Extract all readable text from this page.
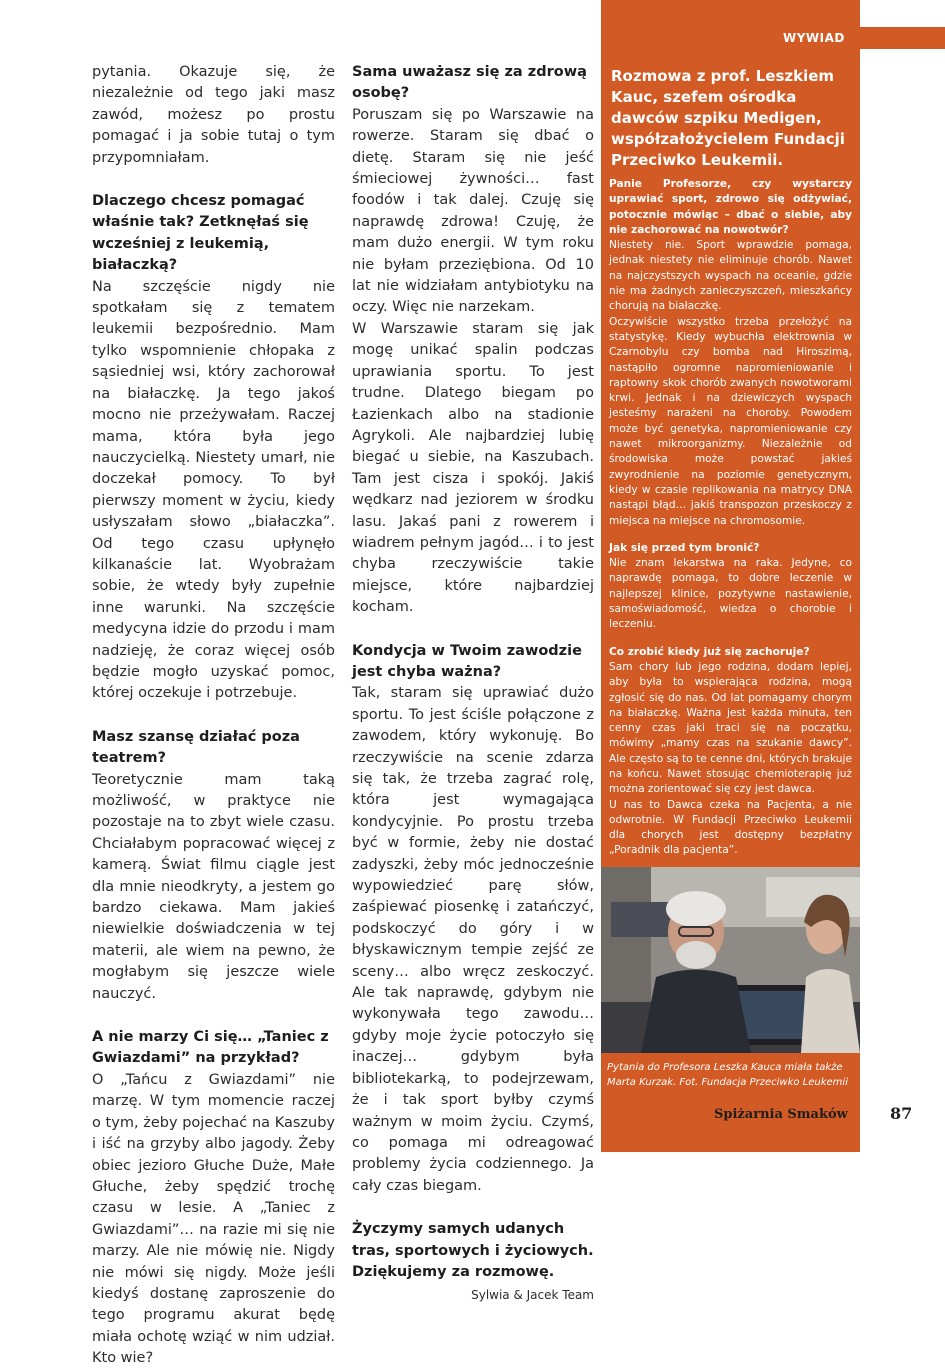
WYWIAD

pytania. Okazuje się, że niezależnie od tego jaki masz zawód, możesz po prostu pomagać i ja sobie tutaj o tym przypomniałam.

Dlaczego chcesz pomagać właśnie tak? Zetknęłaś się wcześniej z leukemią, białaczką?

Na szczęście nigdy nie spotkałam się z tematem leukemii bezpośrednio. Mam tylko wspomnienie chłopaka z sąsiedniej wsi, który zachorował na białaczkę. Ja tego jakoś mocno nie przeżywałam. Raczej mama, która była jego nauczycielką. Niestety umarł, nie doczekał pomocy. To był pierwszy moment w życiu, kiedy usłyszałam słowo „białaczka”. Od tego czasu upłynęło kilkanaście lat. Wyobrażam sobie, że wtedy były zupełnie inne warunki. Na szczęście medycyna idzie do przodu i mam nadzieję, że coraz więcej osób będzie mogło uzyskać pomoc, której oczekuje i potrzebuje.

Masz szansę działać poza teatrem?

Teoretycznie mam taką możliwość, w praktyce nie pozostaje na to zbyt wiele czasu. Chciałabym popracować więcej z kamerą. Świat filmu ciągle jest dla mnie nieodkryty, a jestem go bardzo ciekawa. Mam jakieś niewielkie doświadczenia w tej materii, ale wiem na pewno, że mogłabym się jeszcze wiele nauczyć.

A nie marzy Ci się… „Taniec z Gwiazdami” na przykład?

O „Tańcu z Gwiazdami” nie marzę. W tym momencie raczej o tym, żeby pojechać na Kaszuby i iść na grzyby albo jagody. Żeby obiec jezioro Głuche Duże, Małe Głuche, żeby spędzić trochę czasu w lesie. A „Taniec z Gwiazdami”… na razie mi się nie marzy. Ale nie mówię nie. Nigdy nie mówi się nigdy. Może jeśli kiedyś dostanę zaproszenie do tego programu akurat będę miała ochotę wziąć w nim udział. Kto wie?

Sama uważasz się za zdrową osobę?

Poruszam się po Warszawie na rowerze. Staram się dbać o dietę. Staram się nie jeść śmieciowej żywności… fast foodów i tak dalej. Czuję się naprawdę zdrowa! Czuję, że mam dużo energii. W tym roku nie byłam przeziębiona. Od 10 lat nie widziałam antybiotyku na oczy. Więc nie narzekam.

W Warszawie staram się jak mogę unikać spalin podczas uprawiania sportu. To jest trudne. Dlatego biegam po Łazienkach albo na stadionie Agrykoli. Ale najbardziej lubię biegać u siebie, na Kaszubach. Tam jest cisza i spokój. Jakiś wędkarz nad jeziorem w środku lasu. Jakaś pani z rowerem i wiadrem pełnym jagód… i to jest chyba rzeczywiście takie miejsce, które najbardziej kocham.

Kondycja w Twoim zawodzie jest chyba ważna?

Tak, staram się uprawiać dużo sportu. To jest ściśle połączone z zawodem, który wykonuję. Bo rzeczywiście na scenie zdarza się tak, że trzeba zagrać rolę, która jest wymagająca kondycyjnie. Po prostu trzeba być w formie, żeby nie dostać zadyszki, żeby móc jednocześnie wypowiedzieć parę słów, zaśpiewać piosenkę i zatańczyć, podskoczyć do góry i w błyskawicznym tempie zejść ze sceny… albo wręcz zeskoczyć. Ale tak naprawdę, gdybym nie wykonywała tego zawodu… gdyby moje życie potoczyło się inaczej… gdybym była bibliotekarką, to podejrzewam, że i tak sport byłby czymś ważnym w moim życiu. Czymś, co pomaga mi odreagować problemy życia codziennego. Ja cały czas biegam.

Życzymy samych udanych tras, sportowych i życiowych. Dziękujemy za rozmowę.

Sylwia & Jacek Team

Rozmowa z prof. Leszkiem Kauc, szefem ośrodka dawców szpiku Medigen, współzałożycielem Fundacji Przeciwko Leukemii.

Panie Profesorze, czy wystarczy uprawiać sport, zdrowo się odżywiać, potocznie mówiąc – dbać o siebie, aby nie zachorować na nowotwór?

Niestety nie. Sport wprawdzie pomaga, jednak niestety nie eliminuje chorób. Nawet na najczystszych wyspach na oceanie, gdzie nie ma żadnych zanieczyszczeń, mieszkańcy chorują na białaczkę.

Oczywiście wszystko trzeba przełożyć na statystykę. Kiedy wybuchła elektrownia w Czarnobylu czy bomba nad Hiroszimą, nastąpiło ogromne napromieniowanie i raptowny skok chorób zwanych nowotworami krwi. Jednak i na dziewiczych wyspach jesteśmy narażeni na choroby. Powodem może być genetyka, napromieniowanie czy nawet mikroorganizmy. Niezależnie od środowiska może powstać jakieś zwyrodnienie na poziomie genetycznym, kiedy w czasie replikowania na matrycy DNA nastąpi błąd… jakiś transpozon przeskoczy z miejsca na miejsce na chromosomie.

Jak się przed tym bronić?

Nie znam lekarstwa na raka. Jedyne, co naprawdę pomaga, to dobre leczenie w najlepszej klinice, pozytywne nastawienie, samoświadomość, wiedza o chorobie i leczeniu.

Co zrobić kiedy już się zachoruje?

Sam chory lub jego rodzina, dodam lepiej, aby była to wspierająca rodzina, mogą zgłosić się do nas. Od lat pomagamy chorym na białaczkę. Ważna jest każda minuta, ten cenny czas jaki traci się na początku, mówimy „mamy czas na szukanie dawcy”. Ale często są to te cenne dni, których brakuje na końcu. Nawet stosując chemioterapię już można zorientować się czy jest dawca.

U nas to Dawca czeka na Pacjenta, a nie odwrotnie. W Fundacji Przeciwko Leukemii dla chorych jest dostępny bezpłatny „Poradnik dla pacjenta”.

Pytania do Profesora Leszka Kauca miała także Marta Kurzak. Fot. Fundacja Przeciwko Leukemii
Spiżarnia Smaków	87
